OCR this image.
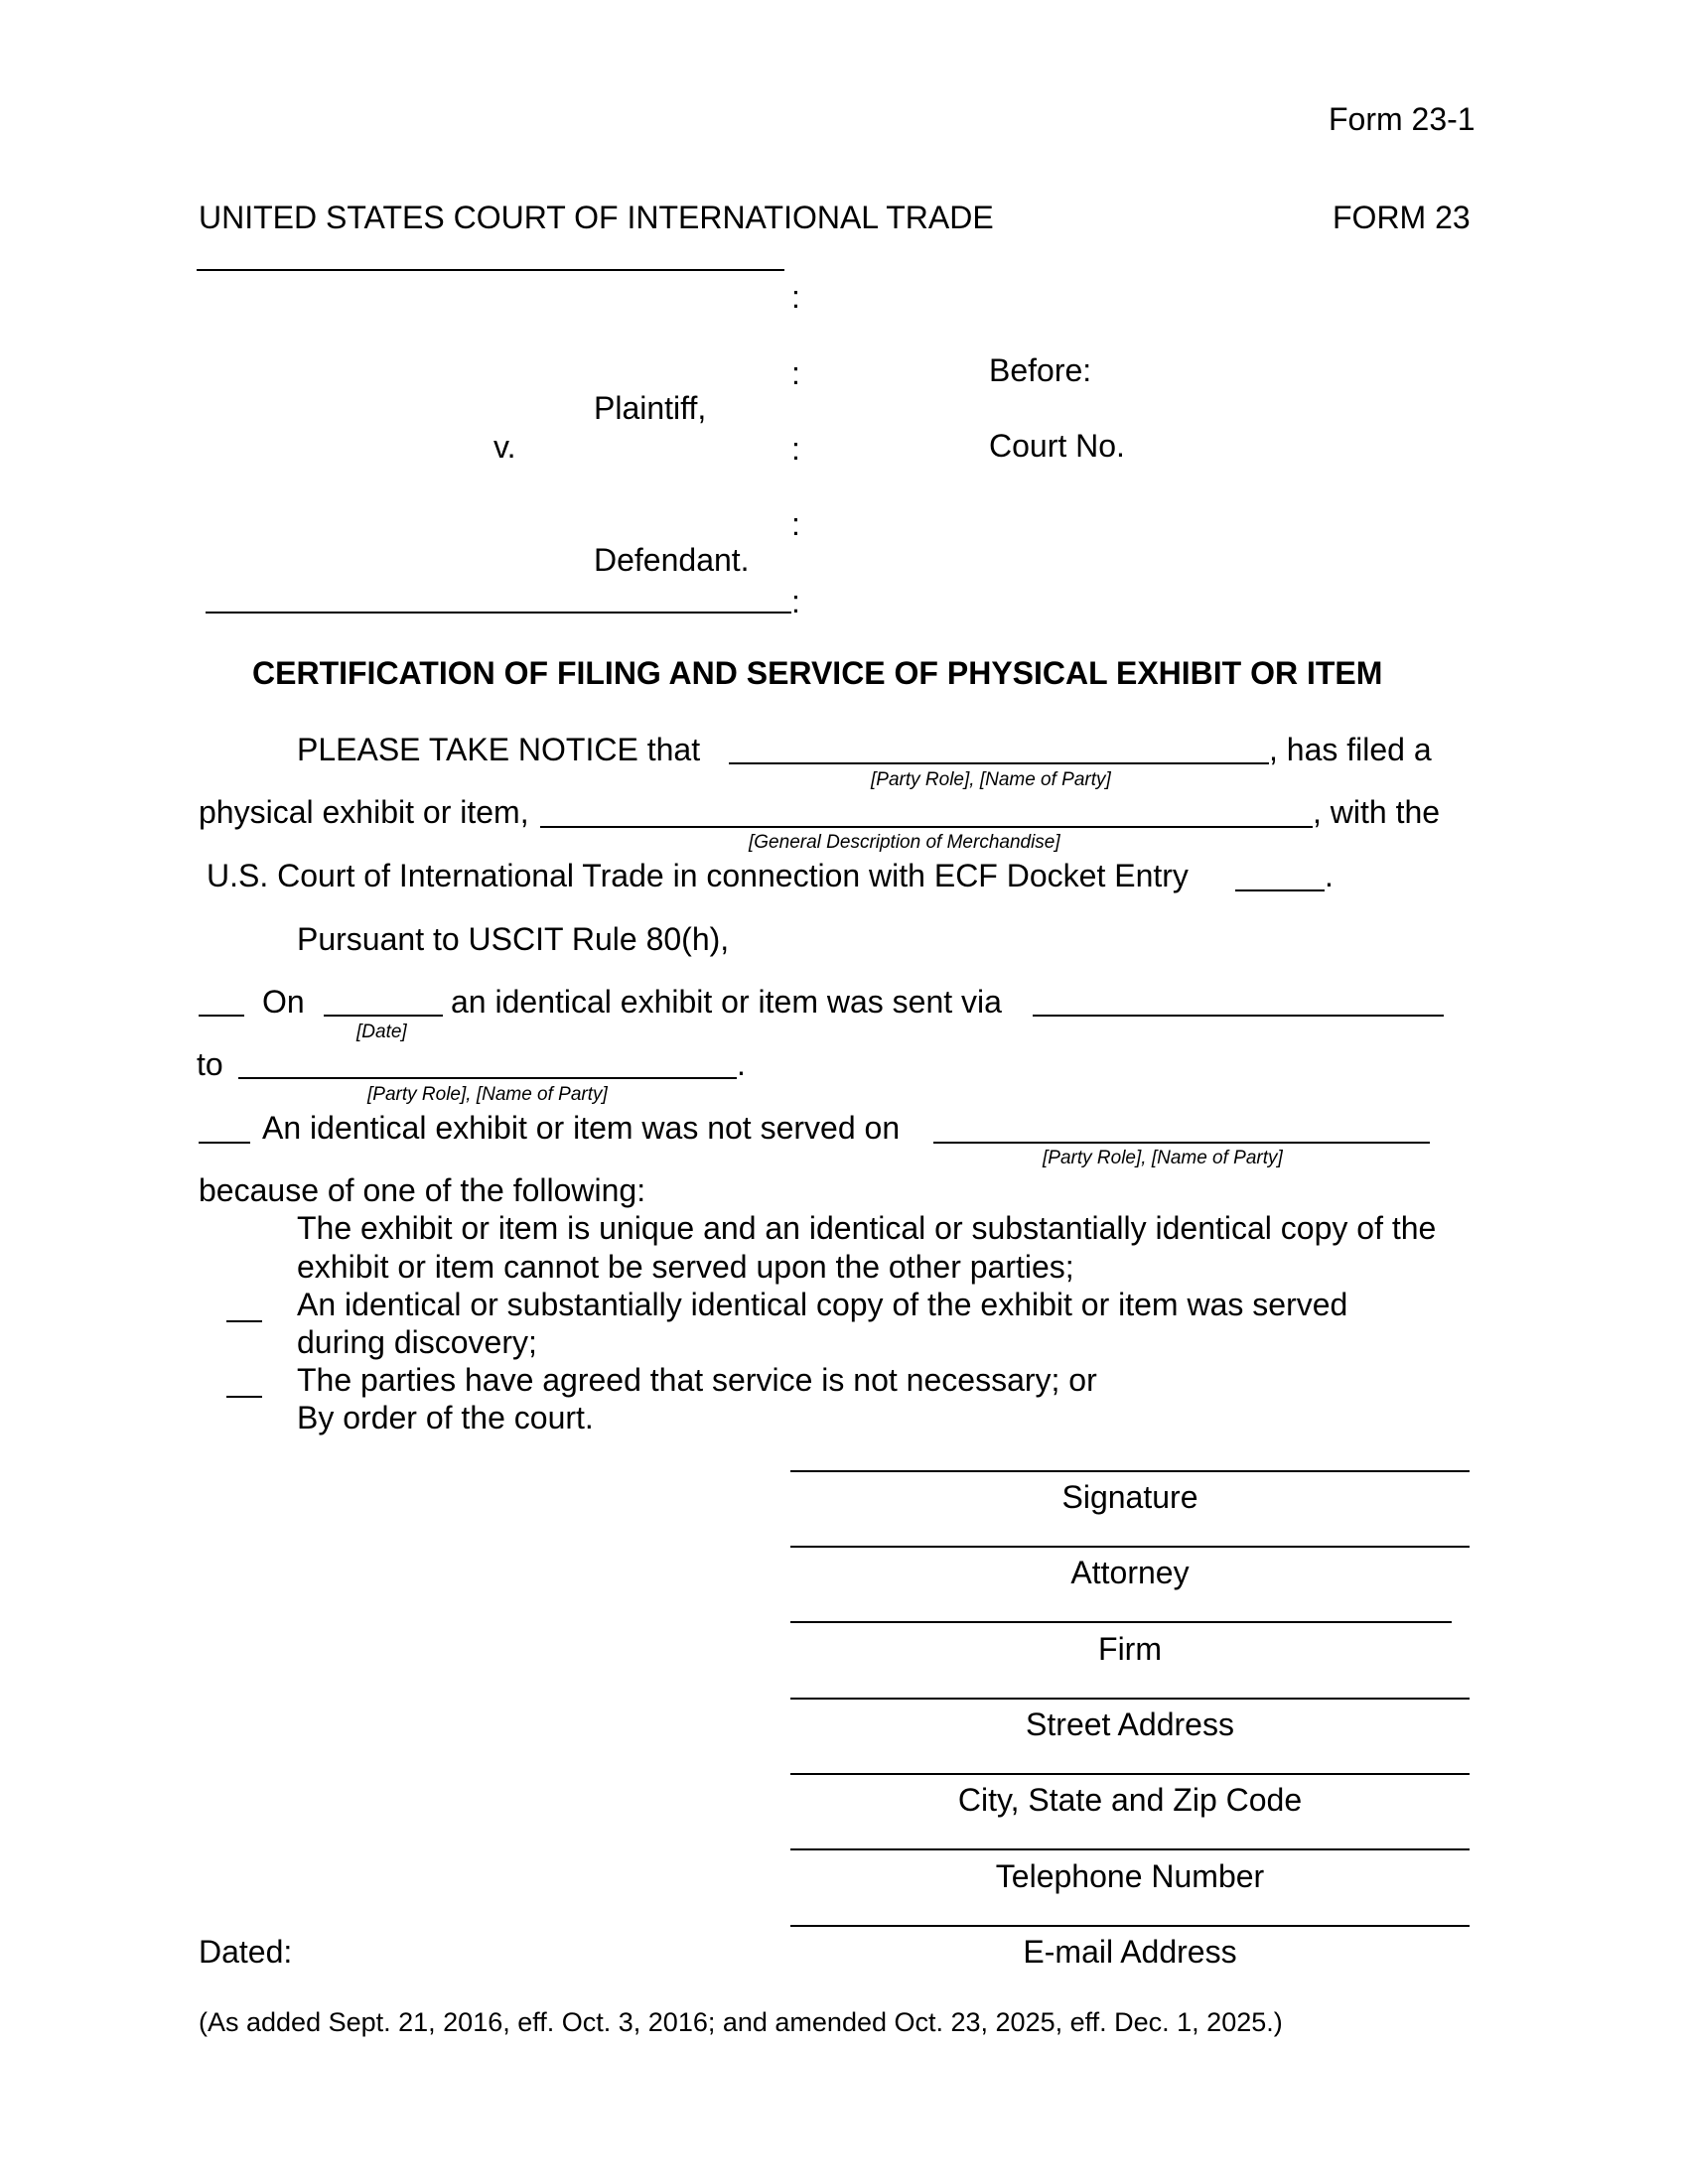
Form 23-1
UNITED STATES COURT OF INTERNATIONAL TRADE	FORM 23
:
:	Before:
Plaintiff,
v.	:	Court No.
:
Defendant.
:
CERTIFICATION OF FILING AND SERVICE OF PHYSICAL EXHIBIT OR ITEM
PLEASE TAKE NOTICE that	, has filed a
[Party Role], [Name of Party]
physical exhibit or item,	, with the
[General Description of Merchandise]
U.S. Court of International Trade in connection with ECF Docket Entry	.
Pursuant to USCIT Rule 80(h),
On	an identical exhibit or item was sent via
[Date]
to	.
[Party Role], [Name of Party]
An identical exhibit or item was not served on
[Party Role], [Name of Party]
because of one of the following:
The exhibit or item is unique and an identical or substantially identical copy of the
exhibit or item cannot be served upon the other parties;
An identical or substantially identical copy of the exhibit or item was served
during discovery;
The parties have agreed that service is not necessary; or
By order of the court.
Signature
Attorney
Firm
Street Address
City, State and Zip Code
Telephone Number
E-mail Address
Dated:
(As added Sept. 21, 2016, eff. Oct. 3, 2016; and amended Oct. 23, 2025, eff. Dec. 1, 2025.)
